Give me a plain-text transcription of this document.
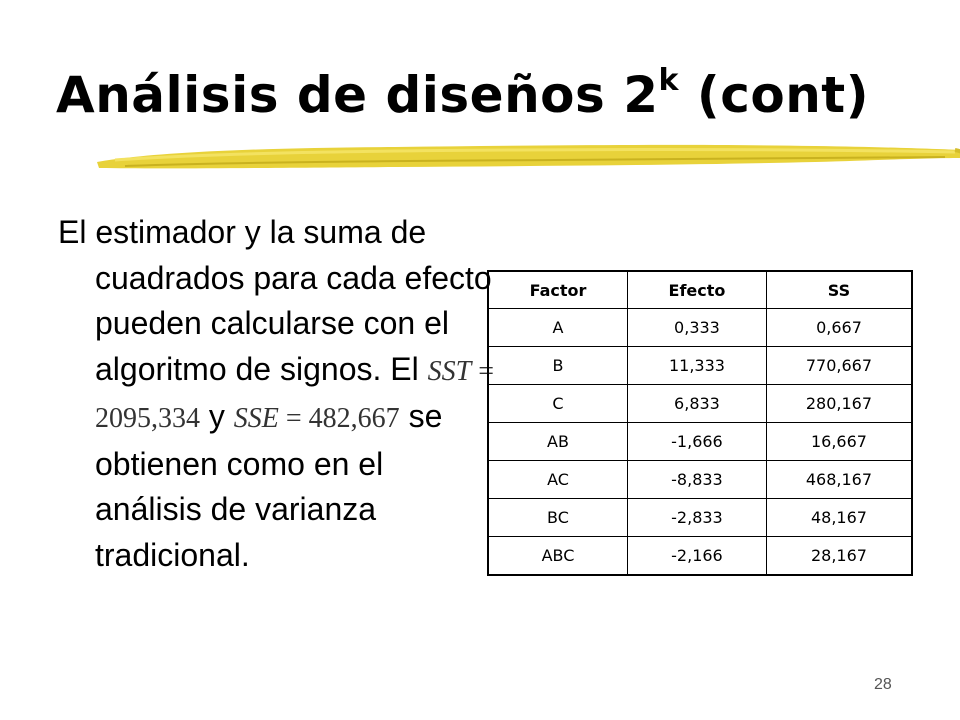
Análisis de diseños 2$^k$ (cont)

El estimador y la suma de cuadrados para cada efecto pueden calcularse con el algoritmo de signos. El SST = 2095,334 y SSE = 482,667 se obtienen como en el análisis de varianza tradicional.

Factor	Efecto	SS
A	0,333	0,667
B	11,333	770,667
C	6,833	280,167
AB	-1,666	16,667
AC	-8,833	468,167
BC	-2,833	48,167
ABC	-2,166	28,167
28
